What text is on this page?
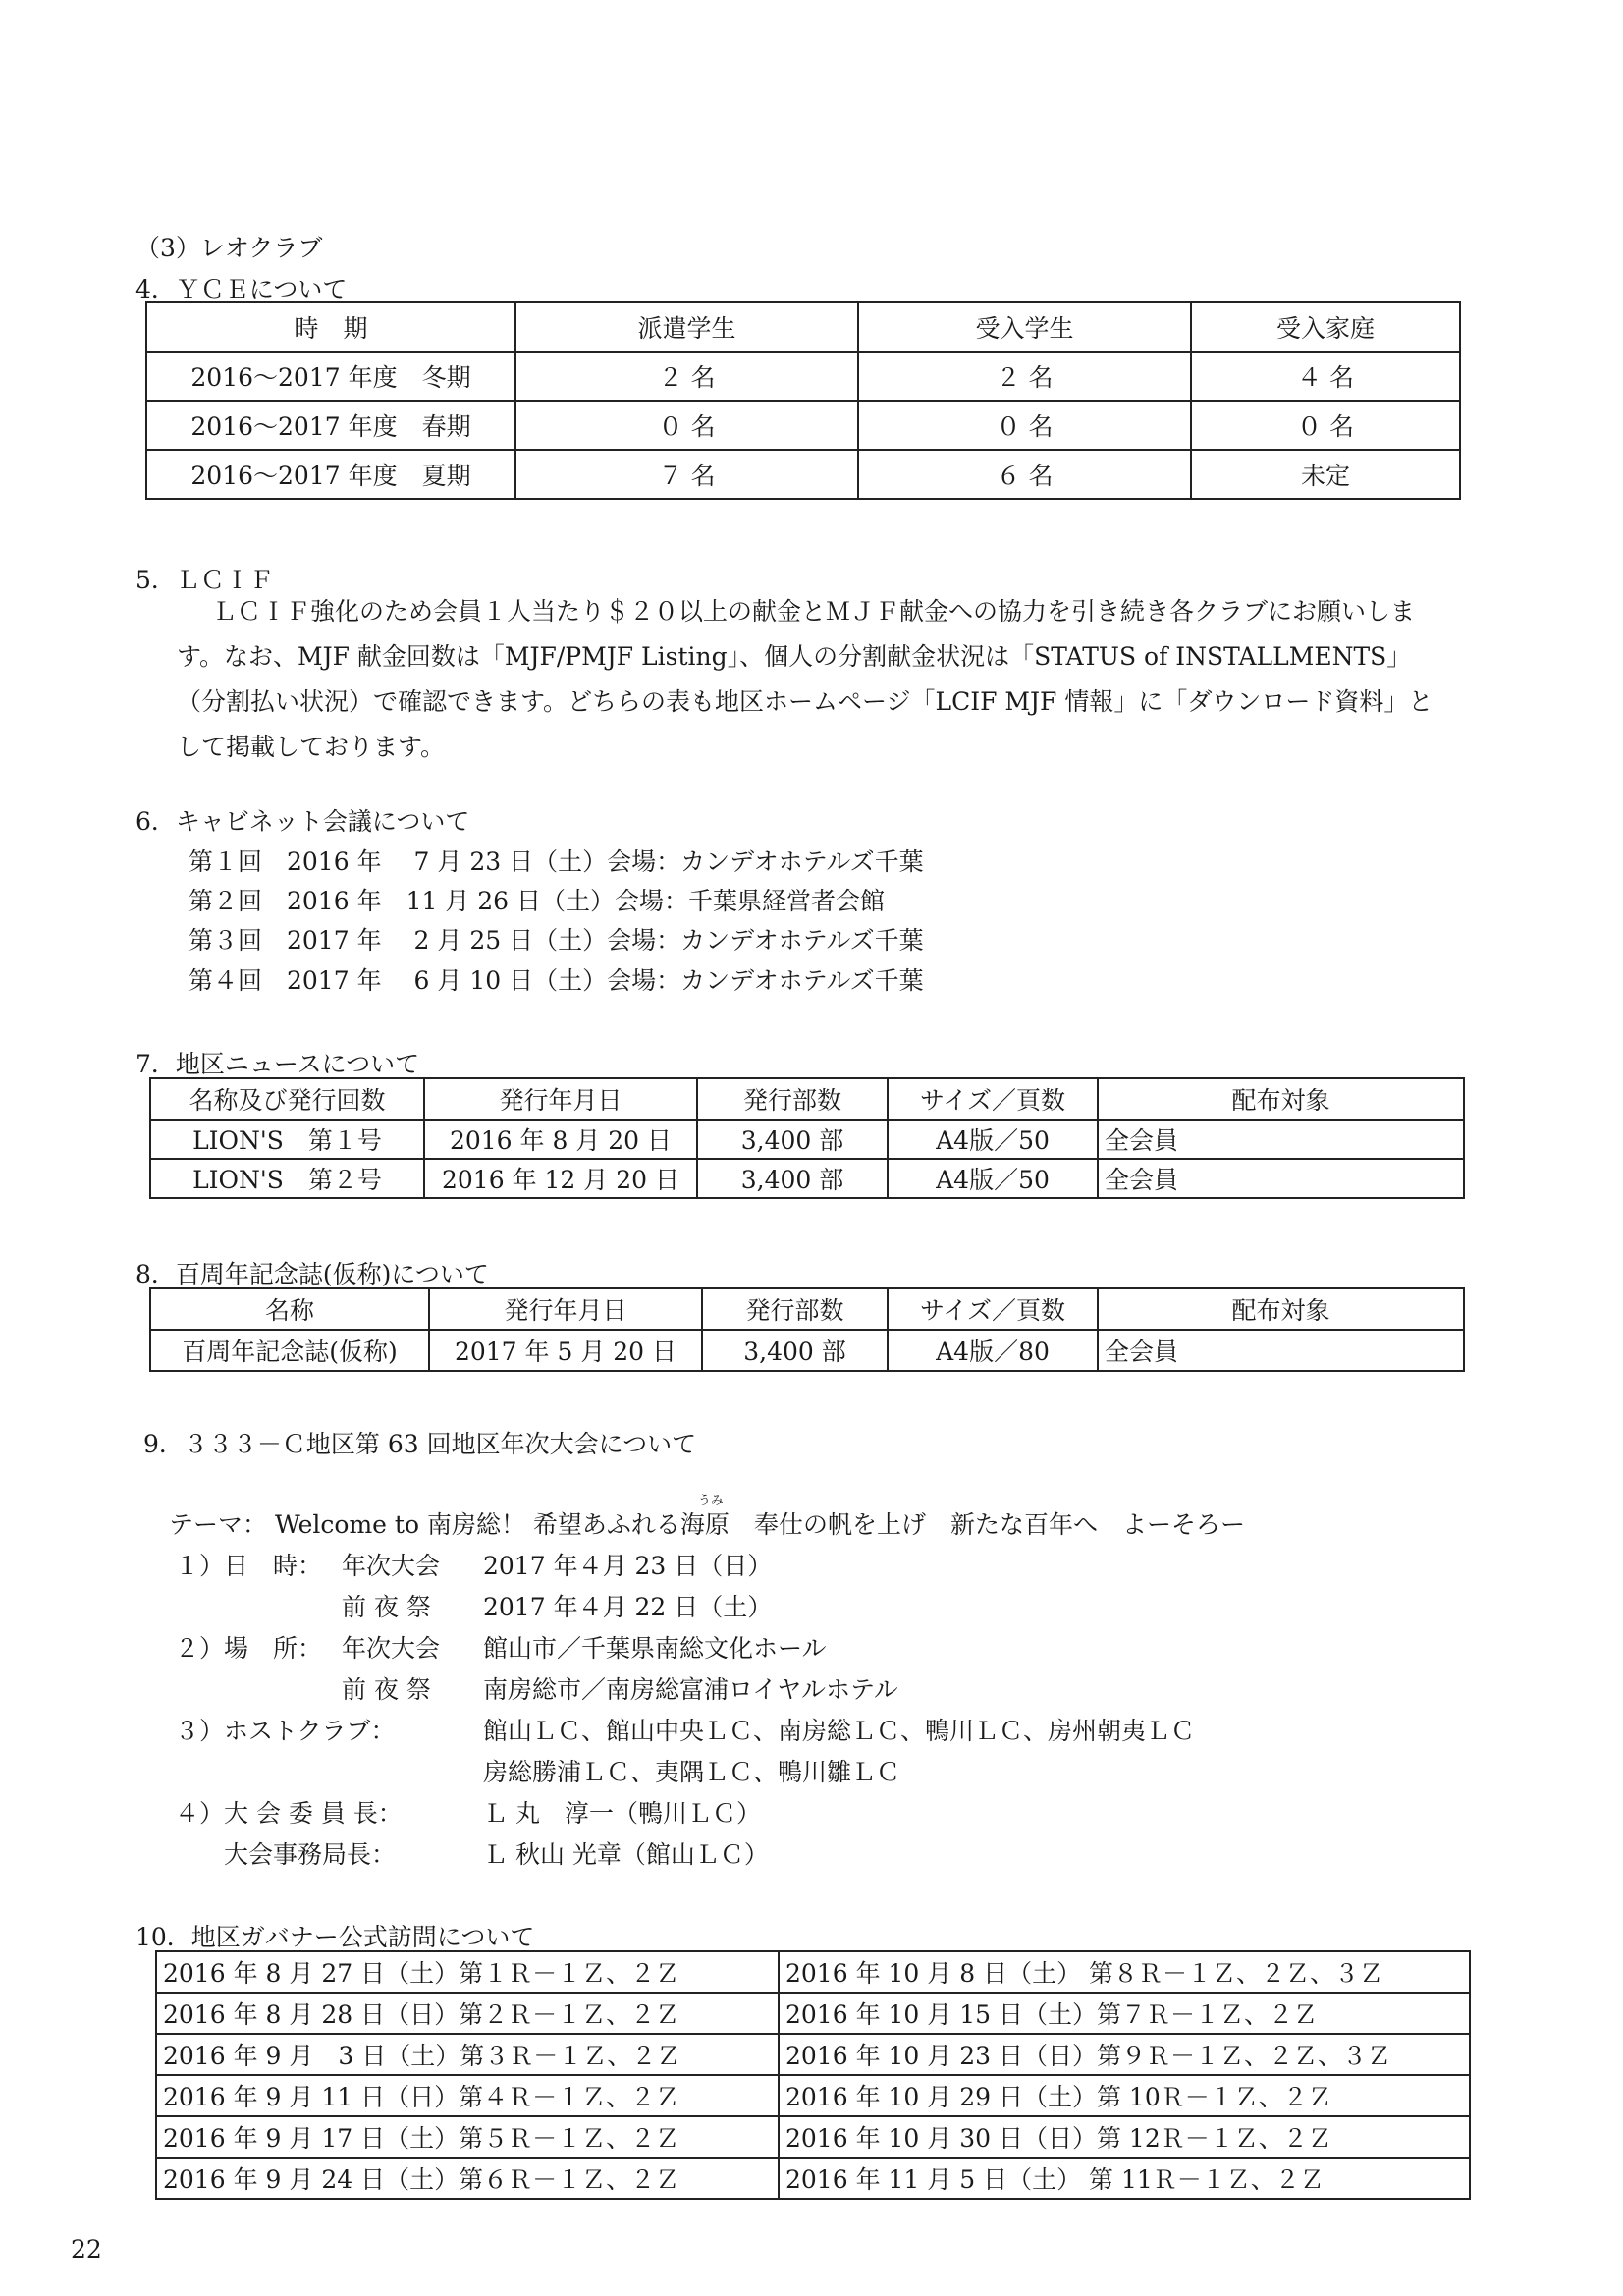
（3）レオクラブ
4．ＹＣＥについて
時　期	派遣学生	受入学生	受入家庭
2016～2017 年度　冬期	２ 名	２ 名	４ 名
2016～2017 年度　春期	０ 名	０ 名	０ 名
2016～2017 年度　夏期	７ 名	６ 名	未定
5．ＬＣＩＦ
ＬＣＩＦ強化のため会員１人当たり＄２０以上の献金とＭＪＦ献金への協力を引き続き各クラブにお願いします。なお、MJF 献金回数は「MJF/PMJF Listing」、個人の分割献金状況は「STATUS of INSTALLMENTS」（分割払い状況）で確認できます。どちらの表も地区ホームページ「LCIF MJF 情報」に「ダウンロード資料」として掲載しております。
6．キャビネット会議について
第１回　2016 年　 7 月 23 日（土）会場：カンデオホテルズ千葉
第２回　2016 年　11 月 26 日（土）会場：千葉県経営者会館
第３回　2017 年　 2 月 25 日（土）会場：カンデオホテルズ千葉
第４回　2017 年　 6 月 10 日（土）会場：カンデオホテルズ千葉
7．地区ニュースについて
名称及び発行回数	発行年月日	発行部数	サイズ／頁数	配布対象
LION'S　第１号	2016 年 8 月 20 日	3,400 部	A4版／50	全会員
LION'S　第２号	2016 年 12 月 20 日	3,400 部	A4版／50	全会員
8．百周年記念誌(仮称)について
名称	発行年月日	発行部数	サイズ／頁数	配布対象
百周年記念誌(仮称)	2017 年 5 月 20 日	3,400 部	A4版／80	全会員
9．３３３－Ｃ地区第 63 回地区年次大会について
テーマ： Welcome to 南房総！ 希望あふれる
うみ
海原　奉仕の帆を上げ　新たな百年へ　よーそろー
１）日　時： 年次大会 2017 年４月 23 日（日）
前 夜 祭 2017 年４月 22 日（土）
２）場　所： 年次大会 館山市／千葉県南総文化ホール
前 夜 祭 南房総市／南房総富浦ロイヤルホテル
３）ホストクラブ：	館山ＬＣ、館山中央ＬＣ、南房総ＬＣ、鴨川ＬＣ、房州朝夷ＬＣ
房総勝浦ＬＣ、夷隅ＬＣ、鴨川雛ＬＣ
４）大 会 委 員 長：	Ｌ 丸　淳一（鴨川ＬＣ）
　　大会事務局長：	Ｌ 秋山 光章（館山ＬＣ）
10．地区ガバナー公式訪問について
2016 年 8 月 27 日（土）第１Ｒ－１Ｚ、２Ｚ	2016 年 10 月 8 日（土） 第８Ｒ－１Ｚ、２Ｚ、３Ｚ
2016 年 8 月 28 日（日）第２Ｒ－１Ｚ、２Ｚ	2016 年 10 月 15 日（土）第７Ｒ－１Ｚ、２Ｚ
2016 年 9 月　3 日（土）第３Ｒ－１Ｚ、２Ｚ	2016 年 10 月 23 日（日）第９Ｒ－１Ｚ、２Ｚ、３Ｚ
2016 年 9 月 11 日（日）第４Ｒ－１Ｚ、２Ｚ	2016 年 10 月 29 日（土）第 10Ｒ－１Ｚ、２Ｚ
2016 年 9 月 17 日（土）第５Ｒ－１Ｚ、２Ｚ	2016 年 10 月 30 日（日）第 12Ｒ－１Ｚ、２Ｚ
2016 年 9 月 24 日（土）第６Ｒ－１Ｚ、２Ｚ	2016 年 11 月 5 日（土） 第 11Ｒ－１Ｚ、２Ｚ
22
